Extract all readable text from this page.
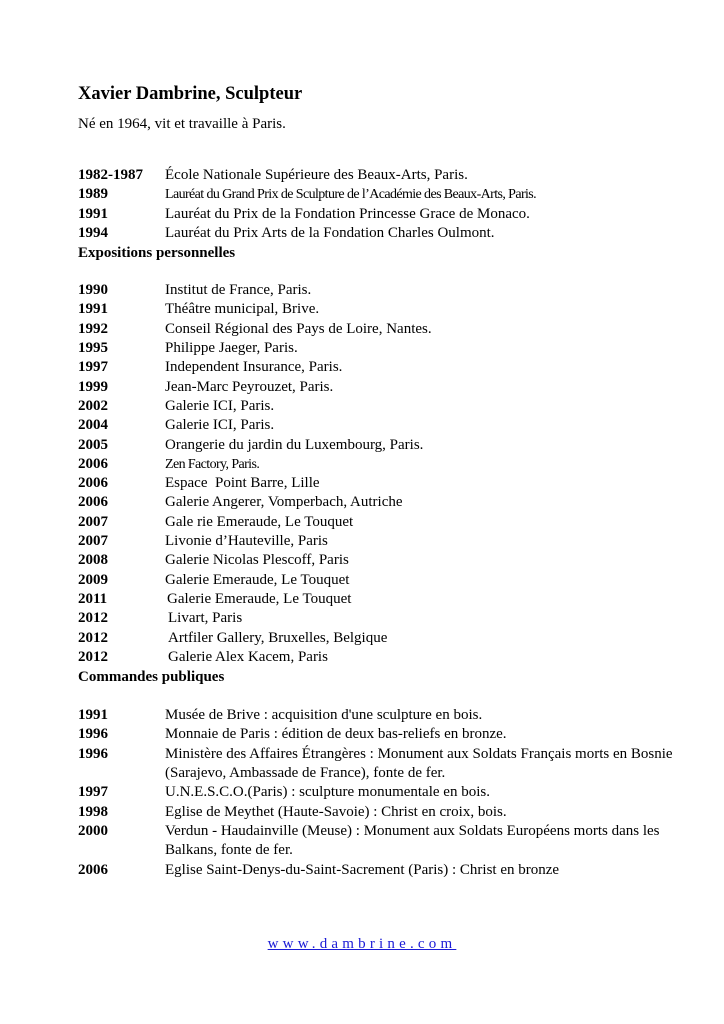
Xavier Dambrine, Sculpteur
Né en 1964, vit et travaille à Paris.
1982-1987	École Nationale Supérieure des Beaux-Arts, Paris.
1989	Lauréat du Grand Prix de Sculpture de l’Académie des Beaux-Arts, Paris.
1991	Lauréat du Prix de la Fondation Princesse Grace de Monaco.
1994	Lauréat du Prix Arts de la Fondation Charles Oulmont.
Expositions personnelles
1990	Institut de France, Paris.
1991	Théâtre municipal, Brive.
1992	Conseil Régional des Pays de Loire, Nantes.
1995	Philippe Jaeger, Paris.
1997	Independent Insurance, Paris.
1999	Jean-Marc Peyrouzet, Paris.
2002	Galerie ICI, Paris.
2004	Galerie ICI, Paris.
2005	Orangerie du jardin du Luxembourg, Paris.
2006	Zen Factory, Paris.
2006	Espace  Point Barre, Lille
2006	Galerie Angerer, Vomperbach, Autriche
2007	Gale rie Emeraude, Le Touquet
2007	Livonie d’Hauteville, Paris
2008	Galerie Nicolas Plescoff, Paris
2009	Galerie Emeraude, Le Touquet
2011	Galerie Emeraude, Le Touquet
2012	Livart, Paris
2012	Artfiler Gallery, Bruxelles, Belgique
2012	Galerie Alex Kacem, Paris
Commandes publiques
1991	Musée de Brive : acquisition d'une sculpture en bois.
1996	Monnaie de Paris : édition de deux bas-reliefs en bronze.
1996	Ministère des Affaires Étrangères : Monument aux Soldats Français morts en Bosnie (Sarajevo, Ambassade de France), fonte de fer.
1997	U.N.E.S.C.O.(Paris) : sculpture monumentale en bois.
1998	Eglise de Meythet (Haute-Savoie) : Christ en croix, bois.
2000	Verdun - Haudainville (Meuse) : Monument aux Soldats Européens morts dans les Balkans, fonte de fer.
2006	Eglise Saint-Denys-du-Saint-Sacrement (Paris) : Christ en bronze
www.dambrine.com
